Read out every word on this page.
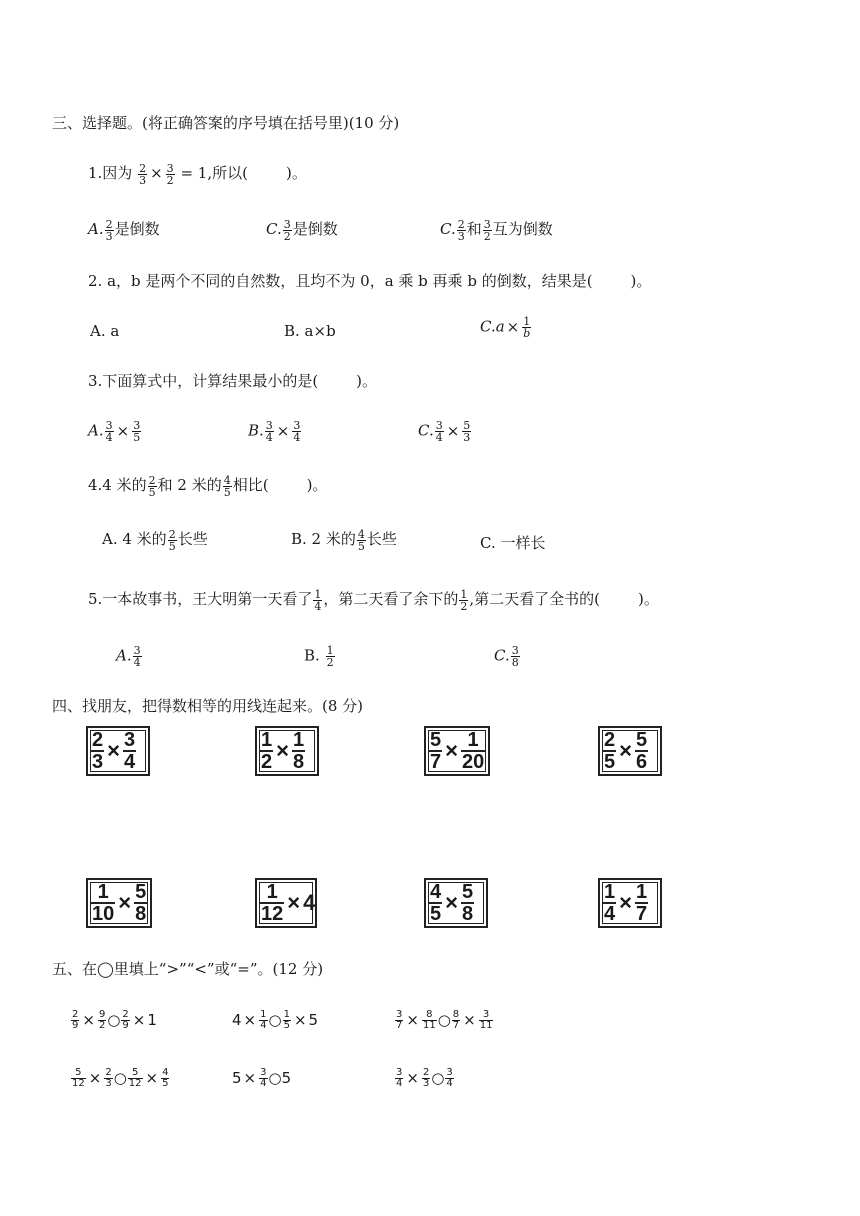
三、选择题。(将正确答案的序号填在括号里)(10 分)
1.因为 $\frac{2}{3} \times \frac{3}{2} = 1$,所以(	)。
A. $\frac{2}{3}$ 是倒数	C. $\frac{3}{2}$ 是倒数	C. $\frac{2}{3}$ 和 $\frac{3}{2}$ 互为倒数
2. a，b 是两个不同的自然数，且均不为 0，a 乘 b 再乘 b 的倒数，结果是(	)。
A. a	B. a×b	$C.a \times \frac{1}{b}$
3.下面算式中，计算结果最小的是(	)。
A. $\frac{3}{4} \times \frac{3}{5}$	B. $\frac{3}{4} \times \frac{3}{4}$	C. $\frac{3}{4} \times \frac{5}{3}$
4.4 米的 $\frac{2}{5}$ 和 2 米的 $\frac{4}{5}$ 相比(	)。
A. 4 米的 $\frac{2}{5}$ 长些	B. 2 米的 $\frac{4}{5}$ 长些	C. 一样长
5.一本故事书，王大明第一天看了 $\frac{1}{4}$ ，第二天看了余下的 $\frac{1}{2}$ ,第二天看了全书的(	)。
A. $\frac{3}{4}$	B. $\frac{1}{2}$	C. $\frac{3}{8}$
四、找朋友，把得数相等的用线连起来。(8 分)
$\frac{2}{3} \times \frac{3}{4}$	$\frac{1}{2} \times \frac{1}{8}$	$\frac{5}{7} \times \frac{1}{20}$	$\frac{2}{5} \times \frac{5}{6}$
$\frac{1}{10} \times \frac{5}{8}$	$\frac{1}{12} \times 4$	$\frac{4}{5} \times \frac{5}{8}$	$\frac{1}{4} \times \frac{1}{7}$
五、在◯里填上“>”“<”或“=”。(12 分)
$\frac{2}{9} \times \frac{9}{2}$ ○ $\frac{2}{9} \times 1$	$4 \times \frac{1}{4}$ ○ $\frac{1}{5} \times 5$	$\frac{3}{7} \times \frac{8}{11}$ ○ $\frac{8}{7} \times \frac{3}{11}$
$\frac{5}{12} \times \frac{2}{3}$ ○ $\frac{5}{12} \times \frac{4}{5}$	$5 \times \frac{3}{4}$ ○5	$\frac{3}{4} \times \frac{2}{3}$ ○ $\frac{3}{4}$
